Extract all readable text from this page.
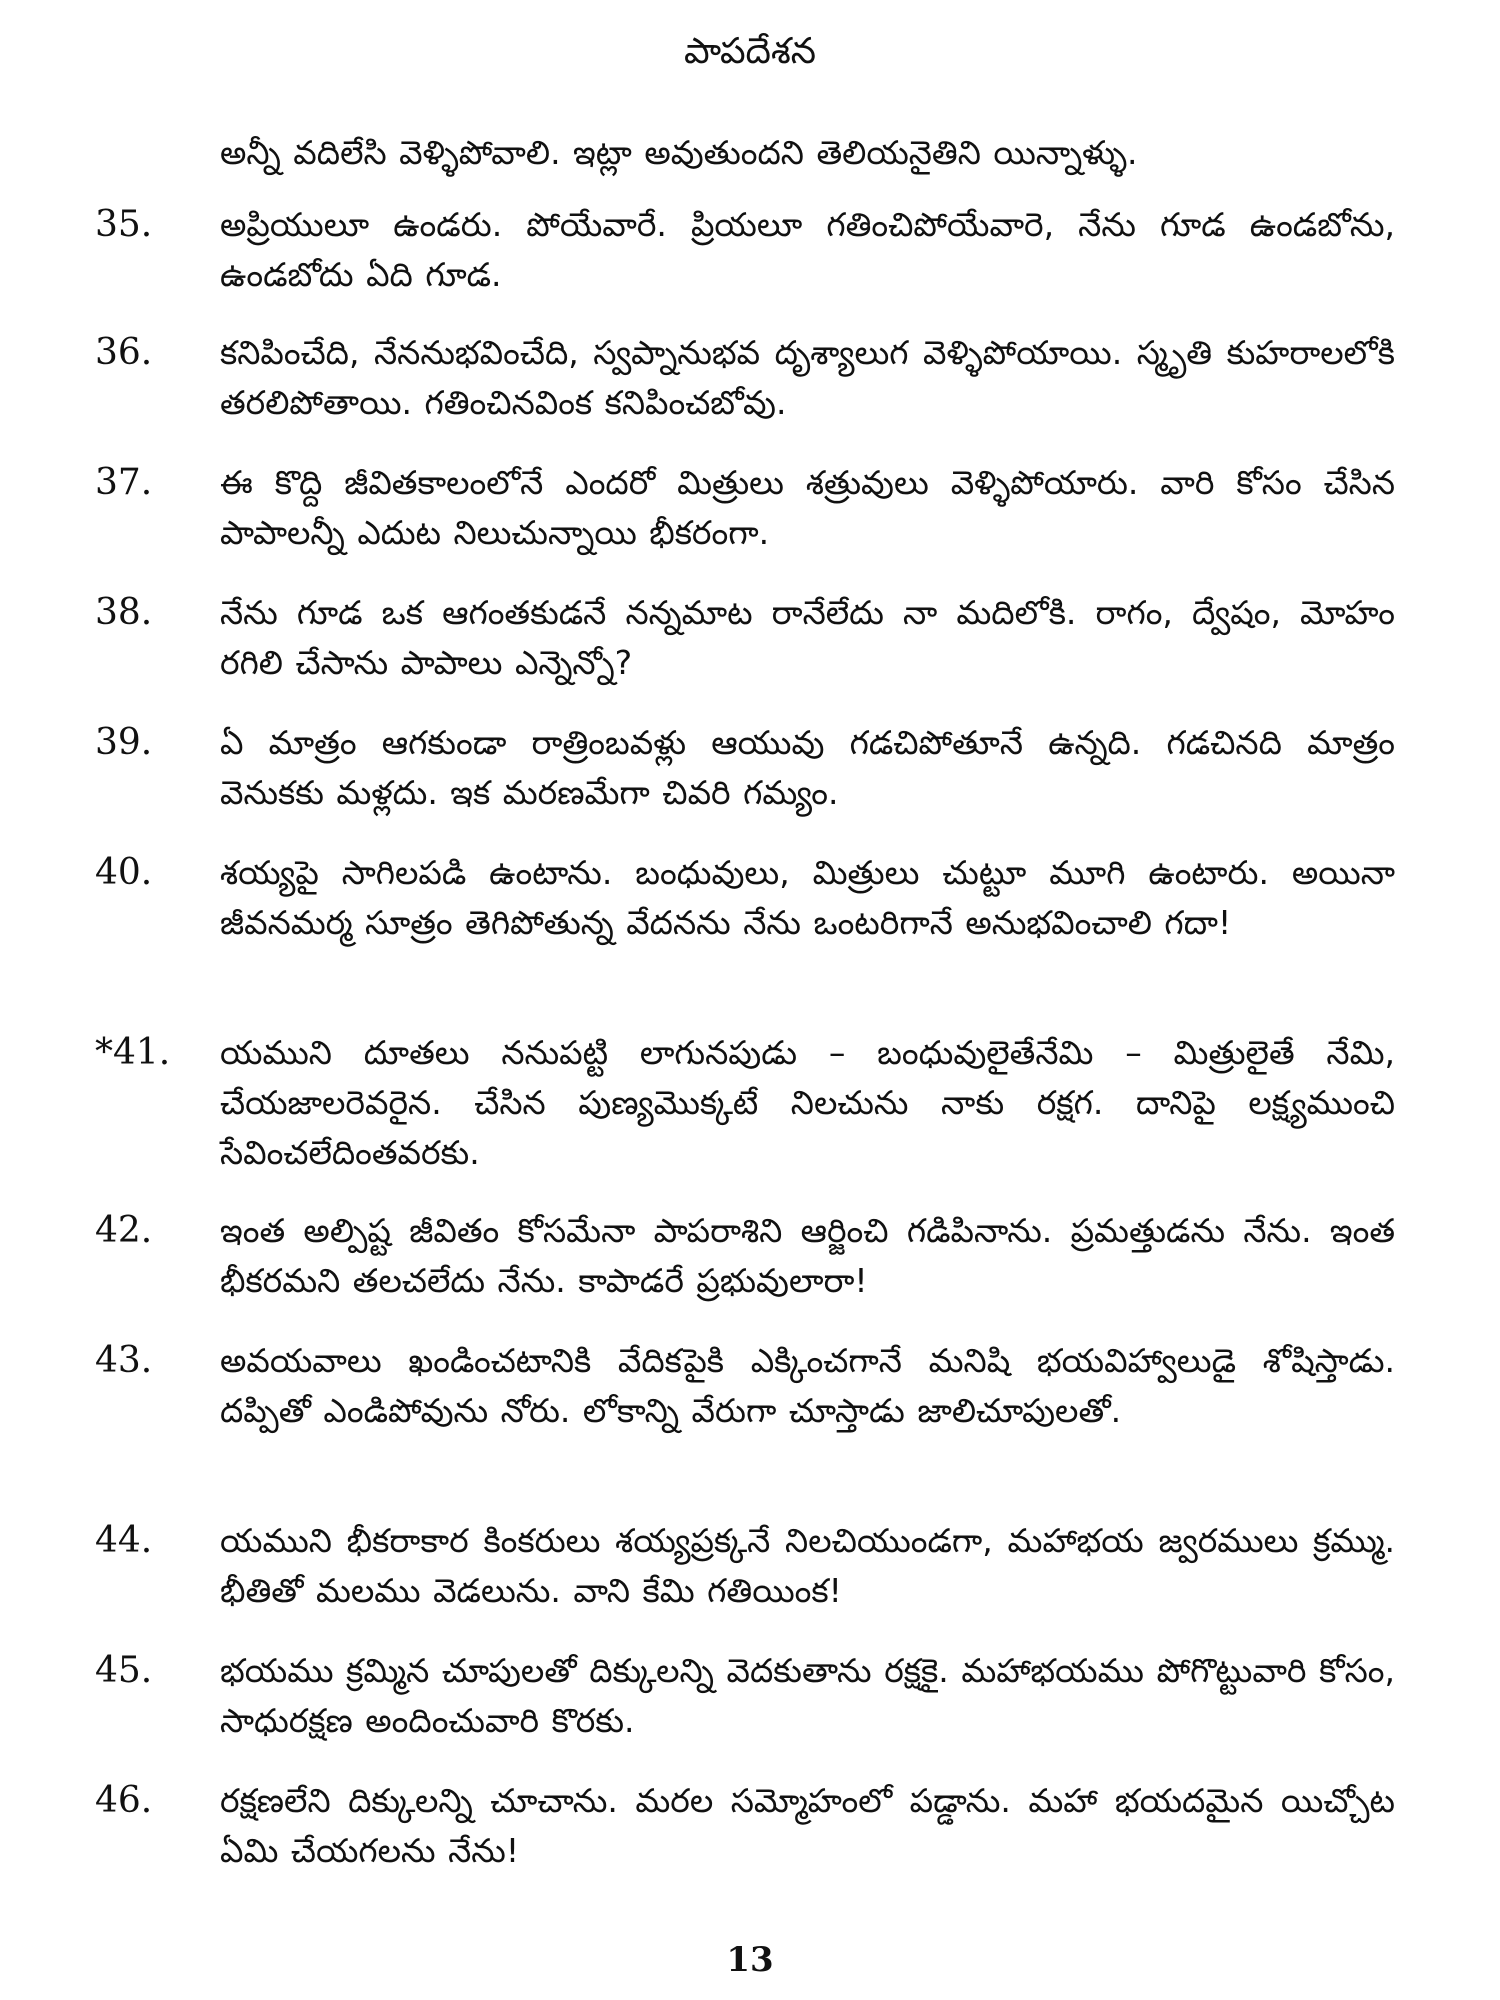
పాపదేశన
అన్నీ వదిలేసి వెళ్ళిపోవాలి. ఇట్లా అవుతుందని తెలియనైతిని యిన్నాళ్ళు.
35.	అప్రియులూ ఉండరు. పోయేవారే. ప్రియలూ గతించిపోయేవారె, నేను గూడ ఉండబోను, ఉండబోదు ఏది గూడ.
36.	కనిపించేది, నేననుభవించేది, స్వప్నానుభవ దృశ్యాలుగ వెళ్ళిపోయాయి. స్మృతి కుహరాలలోకి తరలిపోతాయి. గతించినవింక కనిపించబోవు.
37.	ఈ కొద్ది జీవితకాలంలోనే ఎందరో మిత్రులు శత్రువులు వెళ్ళిపోయారు. వారి కోసం చేసిన పాపాలన్నీ ఎదుట నిలుచున్నాయి భీకరంగా.
38.	నేను గూడ ఒక ఆగంతకుడనే నన్నమాట రానేలేదు నా మదిలోకి. రాగం, ద్వేషం, మోహం రగిలి చేసాను పాపాలు ఎన్నెన్నో?
39.	ఏ మాత్రం ఆగకుండా రాత్రింబవళ్లు ఆయువు గడచిపోతూనే ఉన్నది. గడచినది మాత్రం వెనుకకు మళ్లదు. ఇక మరణమేగా చివరి గమ్యం.
40.	శయ్యపై సాగిలపడి ఉంటాను. బంధువులు, మిత్రులు చుట్టూ మూగి ఉంటారు. అయినా జీవనమర్మ సూత్రం తెగిపోతున్న వేదనను నేను ఒంటరిగానే అనుభవించాలి గదా!
*41.	యముని దూతలు ననుపట్టి లాగునపుడు – బంధువులైతేనేమి – మిత్రులైతే నేమి, చేయజాలరెవరైన. చేసిన పుణ్యమొక్కటే నిలచును నాకు రక్షగ. దానిపై లక్ష్యముంచి సేవించలేదింతవరకు.
42.	ఇంత అల్పిష్ట జీవితం కోసమేనా పాపరాశిని ఆర్జించి గడిపినాను. ప్రమత్తుడను నేను. ఇంత భీకరమని తలచలేదు నేను. కాపాడరే ప్రభువులారా!
43.	అవయవాలు ఖండించటానికి వేదికపైకి ఎక్కించగానే మనిషి భయవిహ్వాలుడై శోషిస్తాడు. దప్పితో ఎండిపోవును నోరు. లోకాన్ని వేరుగా చూస్తాడు జాలిచూపులతో.
44.	యముని భీకరాకార కింకరులు శయ్యప్రక్కనే నిలచియుండగా, మహాభయ జ్వరములు క్రమ్ము. భీతితో మలము వెడలును. వాని కేమి గతియింక!
45.	భయము క్రమ్మిన చూపులతో దిక్కులన్ని వెదకుతాను రక్షకై. మహాభయము పోగొట్టువారి కోసం, సాధురక్షణ అందించువారి కొరకు.
46.	రక్షణలేని దిక్కులన్ని చూచాను. మరల సమ్మోహంలో పడ్డాను. మహా భయదమైన యిచ్చోట ఏమి చేయగలను నేను!
13
